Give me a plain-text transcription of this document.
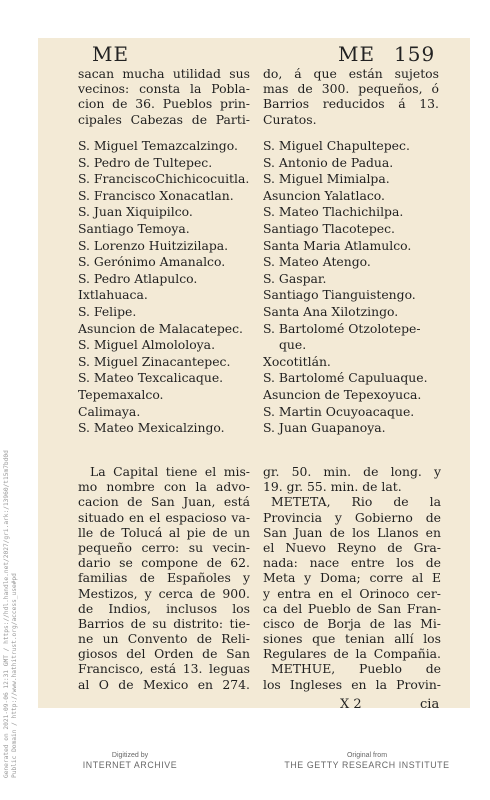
ME	ME 159
sacan mucha utilidad sus
vecinos: consta la Pobla-
cion de 36. Pueblos prin-
cipales Cabezas de Parti-
do, á que están sujetos
mas de 300. pequeños, ó
Barrios reducidos á 13.
Curatos.
S. Miguel Temazcalzingo.
S. Pedro de Tultepec.
S. FranciscoChichicocuitla.
S. Francisco Xonacatlan.
S. Juan Xiquipilco.
Santiago Temoya.
S. Lorenzo Huitzizilapa.
S. Gerónimo Amanalco.
S. Pedro Atlapulco.
Ixtlahuaca.
S. Felipe.
Asuncion de Malacatepec.
S. Miguel Almololoya.
S. Miguel Zinacantepec.
S. Mateo Texcalicaque.
Tepemaxalco.
Calimaya.
S. Mateo Mexicalzingo.
S. Miguel Chapultepec.
S. Antonio de Padua.
S. Miguel Mimialpa.
Asuncion Yalatlaco.
S. Mateo Tlachichilpa.
Santiago Tlacotepec.
Santa Maria Atlamulco.
S. Mateo Atengo.
S. Gaspar.
Santiago Tianguistengo.
Santa Ana Xilotzingo.
S. Bartolomé Otzolotepe-
que.
Xocotitlán.
S. Bartolomé Capuluaque.
Asuncion de Tepexoyuca.
S. Martin Ocuyoacaque.
S. Juan Guapanoya.
La Capital tiene el mis-
mo nombre con la advo-
cacion de San Juan, está
situado en el espacioso va-
lle de Tolucá al pie de un
pequeño cerro: su vecin-
dario se compone de 62.
familias de Españoles y
Mestizos, y cerca de 900.
de Indios, inclusos los
Barrios de su distrito: tie-
ne un Convento de Reli-
giosos del Orden de San
Francisco, está 13. leguas
al O de Mexico en 274.
gr. 50. min. de long. y
19. gr. 55. min. de lat.
METETA, Rio de la
Provincia y Gobierno de
San Juan de los Llanos en
el Nuevo Reyno de Gra-
nada: nace entre los de
Meta y Doma; corre al E
y entra en el Orinoco cer-
ca del Pueblo de San Fran-
cisco de Borja de las Mi-
siones que tenian allí los
Regulares de la Compañia.
METHUE, Pueblo de
los Ingleses en la Provin-
X 2	cia
Generated on 2021-09-06 12:31 GMT / https://hdl.handle.net/2027/gri.ark:/13960/t15m7bd0d Public Domain / http://www.hathitrust.org/access_use#pd	Digitized by
INTERNET ARCHIVE
Original from
THE GETTY RESEARCH INSTITUTE
